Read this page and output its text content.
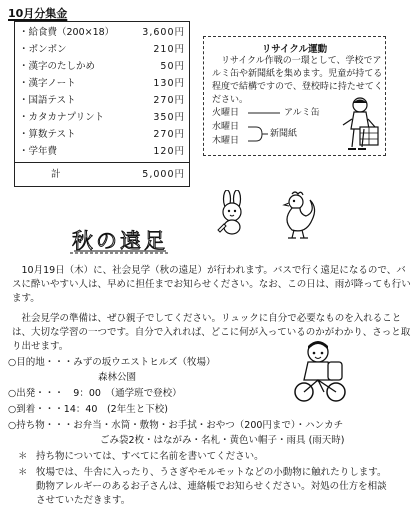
10月分集金
・給食費（200×18）	3,600円
・ボンボン	210円
・漢字のたしかめ	50円
・漢字ノート	130円
・国語テスト	270円
・カタカナプリント	350円
・算数テスト	270円
・学年費	120円
計	5,000円
リサイクル運動
　リサイクル作戦の一環として、学校でアルミ缶や新聞紙を集めます。児童が持てる程度で結構ですので、登校時に持たせてください。
火曜日
水曜日
木曜日
アルミ缶
新聞紙
秋の遠足
　10月19日（木）に、社会見学（秋の遠足）が行われます。バスで行く遠足になるので、バスに酔いやすい人は、早めに担任までお知らせください。なお、この日は、雨が降っても行います。
　社会見学の準備は、ぜひ親子でしてください。リュックに自分で必要なものを入れることは、大切な学習の一つです。自分で入れれば、どこに何が入っているのかがわかり、さっと取り出せます。
○目的地・・・みずの坂ウエストヒルズ（牧場）
森林公園
○出発・・・　9：00　（通学班で登校）
○到着・・・14：40　(2年生と下校)
○持ち物・・・お弁当・水筒・敷物・お手拭・おやつ（200円まで）・ハンカチ
ごみ袋2枚・はながみ・名札・黄色い帽子・雨具 (雨天時)
＊ 持ち物については、すべてに名前を書いてください。
＊ 牧場では、牛舎に入ったり、うさぎやモルモットなどの小動物に触れたりします。
動物アレルギーのあるお子さんは、連絡帳でお知らせください。対処の仕方を相談させていただきます。
